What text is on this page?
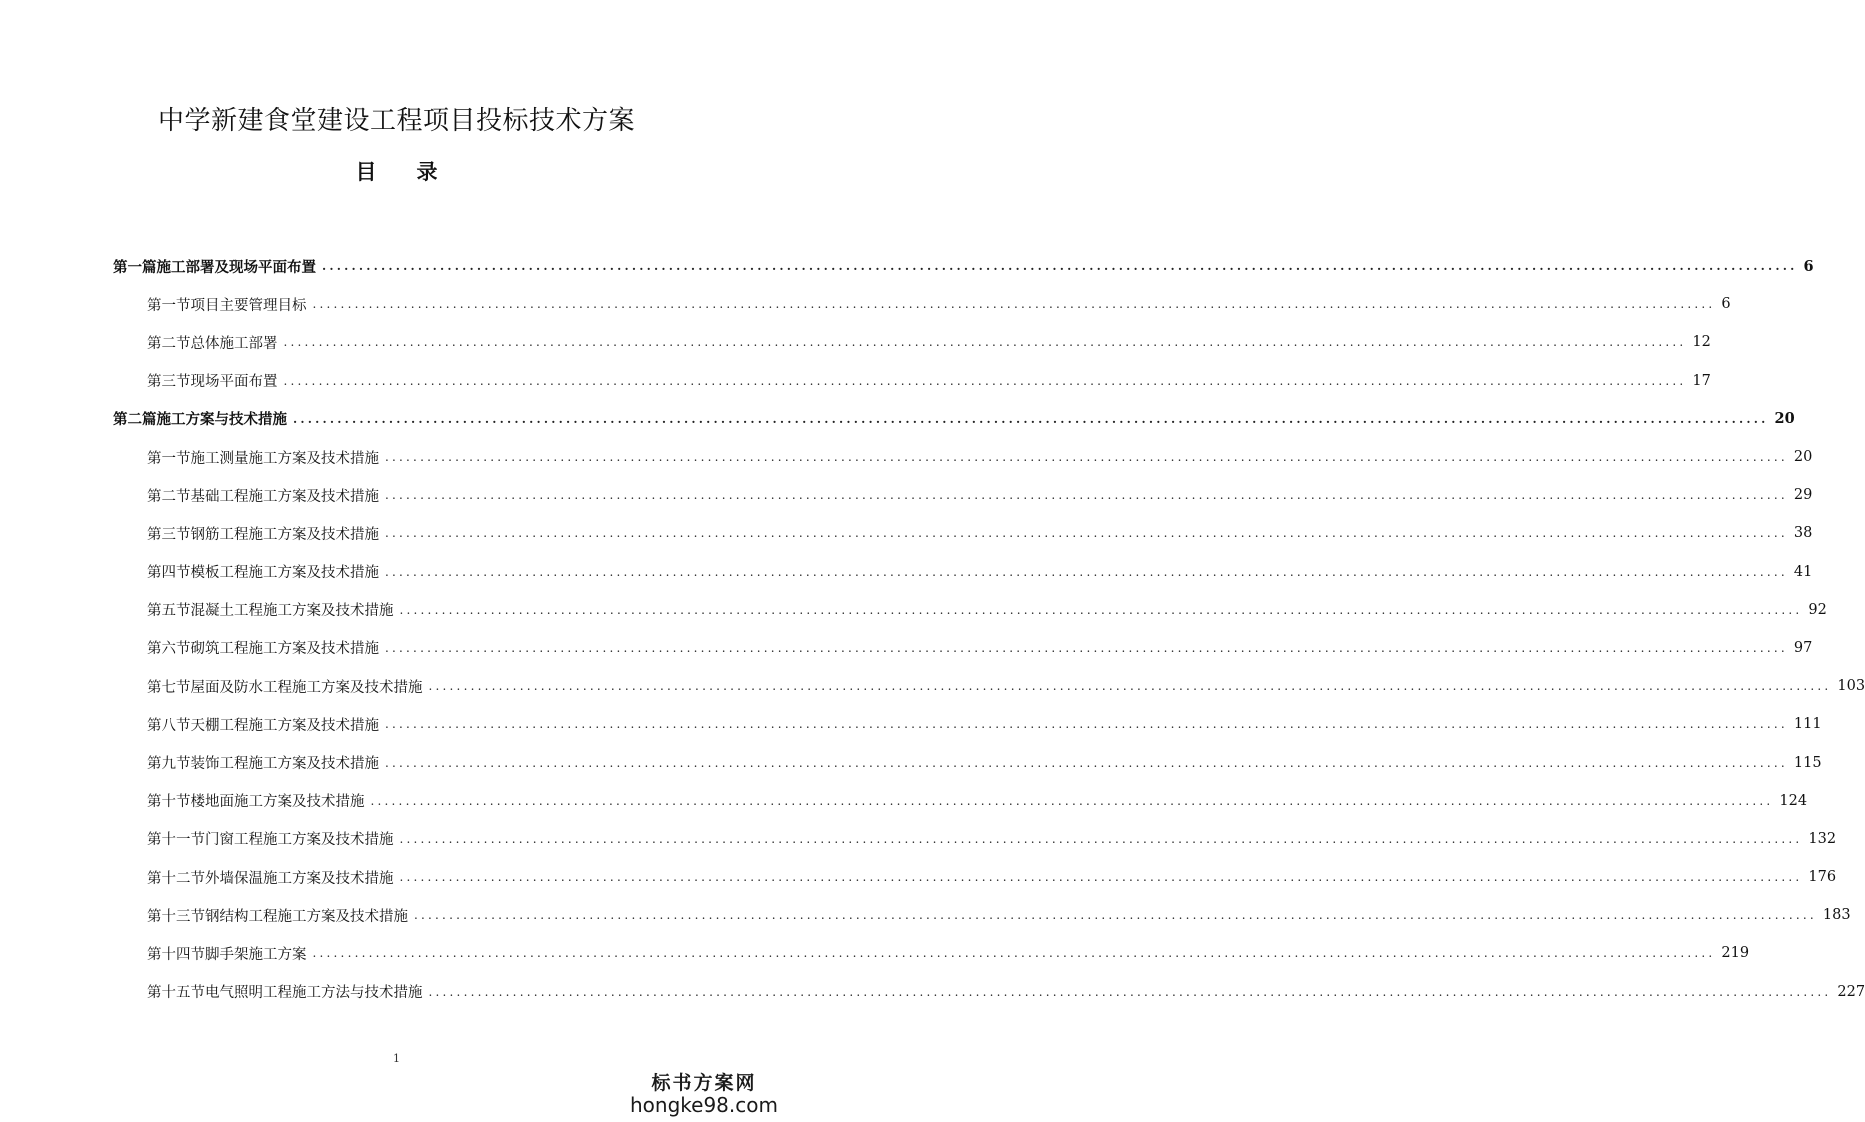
中学新建食堂建设工程项目投标技术方案
目 录
第一篇 施工部署及现场平面布置 ........................................................................................................................................................................................................ 6
第一节 项目主要管理目标 ........................................................................................................................................................................................................ 6
第二节 总体施工部署 ........................................................................................................................................................................................................ 12
第三节 现场平面布置 ........................................................................................................................................................................................................ 17
第二篇 施工方案与技术措施 ........................................................................................................................................................................................................ 20
第一节 施工测量施工方案及技术措施 ........................................................................................................................................................................................................ 20
第二节 基础工程施工方案及技术措施 ........................................................................................................................................................................................................ 29
第三节 钢筋工程施工方案及技术措施 ........................................................................................................................................................................................................ 38
第四节 模板工程施工方案及技术措施 ........................................................................................................................................................................................................ 41
第五节 混凝土工程施工方案及技术措施 ........................................................................................................................................................................................................ 92
第六节 砌筑工程施工方案及技术措施 ........................................................................................................................................................................................................ 97
第七节 屋面及防水工程施工方案及技术措施 ........................................................................................................................................................................................................ 103
第八节 天棚工程施工方案及技术措施 ........................................................................................................................................................................................................ 111
第九节 装饰工程施工方案及技术措施 ........................................................................................................................................................................................................ 115
第十节 楼地面施工方案及技术措施 ........................................................................................................................................................................................................ 124
第十一节 门窗工程施工方案及技术措施 ........................................................................................................................................................................................................ 132
第十二节 外墙保温施工方案及技术措施 ........................................................................................................................................................................................................ 176
第十三节 钢结构工程施工方案及技术措施 ........................................................................................................................................................................................................ 183
第十四节 脚手架施工方案 ........................................................................................................................................................................................................ 219
第十五节 电气照明工程施工方法与技术措施 ........................................................................................................................................................................................................ 227
1
标书方案网
hongke98.com
